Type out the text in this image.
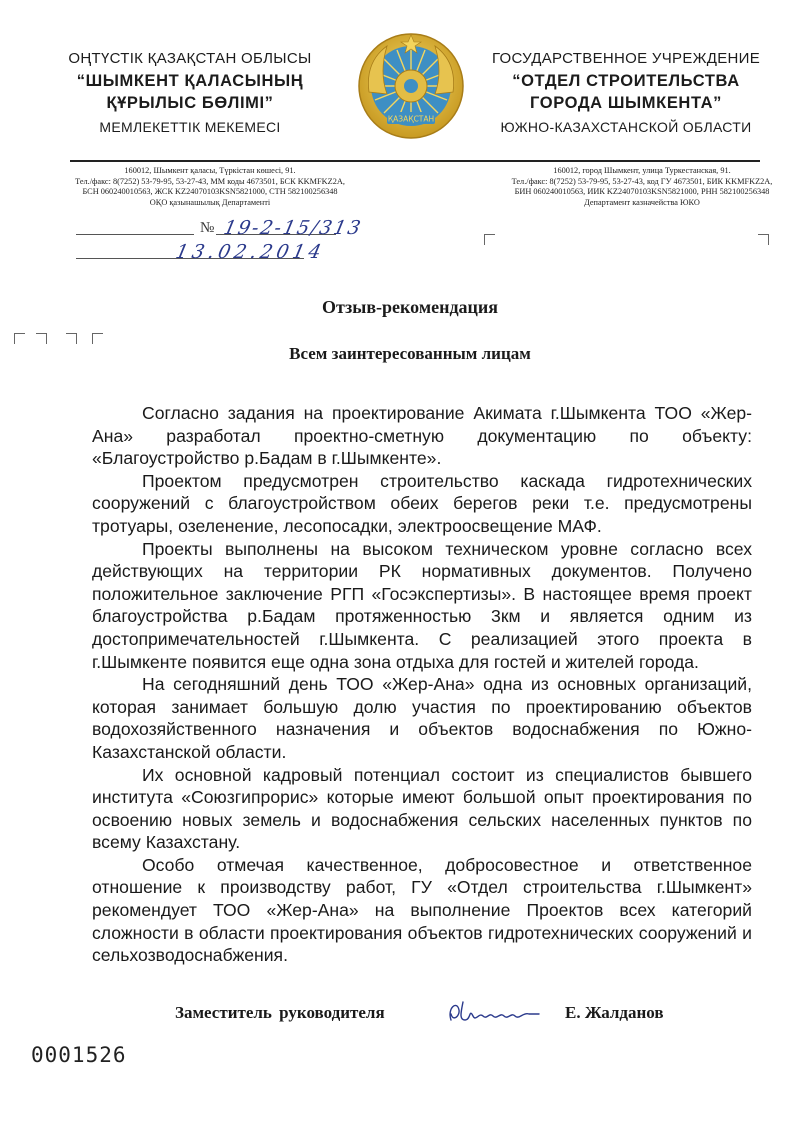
ОҢТҮСТІК ҚАЗАҚСТАН ОБЛЫСЫ
“ШЫМКЕНТ ҚАЛАСЫНЫҢ
ҚҰРЫЛЫС БӨЛІМІ”
МЕМЛЕКЕТТІК МЕКЕМЕСІ	ҚАЗАҚСТАН
ГОСУДАРСТВЕННОЕ УЧРЕЖДЕНИЕ
“ОТДЕЛ СТРОИТЕЛЬСТВА
ГОРОДА ШЫМКЕНТА”
ЮЖНО-КАЗАХСТАНСКОЙ ОБЛАСТИ
160012, Шымкент қаласы, Түркістан көшесі, 91.
Тел./факс: 8(7252) 53-79-95, 53-27-43, ММ коды 4673501, БСК KKMFKZ2A,
БСН 060240010563, ЖСК KZ24070103KSN5821000, СТН 582100256348
ОҚО қазынашылық Департаменті
160012, город Шымкент, улица Туркестанская, 91.
Тел./факс: 8(7252) 53-79-95, 53-27-43, код ГУ 4673501, БИК KKMFKZ2A,
БИН 060240010563, ИИК KZ24070103KSN5821000, РНН 582100256348
Департамент казначейства ЮКО
№ 19-2-15/313
13.02.2014
Отзыв-рекомендация
Всем заинтересованным лицам

Согласно задания на проектирование Акимата г.Шымкента ТОО «Жер-Ана» разработал проектно-сметную документацию по объекту: «Благоустройство р.Бадам в г.Шымкенте».

Проектом предусмотрен строительство каскада гидротехнических сооружений с благоустройством обеих берегов реки т.е. предусмотрены тротуары, озеленение, лесопосадки, электроосвещение МАФ.

Проекты выполнены на высоком техническом уровне согласно всех действующих на территории РК нормативных документов. Получено положительное заключение РГП «Госэкспертизы». В настоящее время проект благоустройства р.Бадам протяженностью 3км и является одним из достопримечательностей г.Шымкента. С реализацией этого проекта в г.Шымкенте появится еще одна зона отдыха для гостей и жителей города.

На сегодняшний день ТОО «Жер-Ана» одна из основных организаций, которая занимает большую долю участия по проектированию объектов водохозяйственного назначения и объектов водоснабжения по Южно-Казахстанской области.

Их основной кадровый потенциал состоит из специалистов бывшего института «Союзгипрорис» которые имеют большой опыт проектирования по освоению новых земель и водоснабжения сельских населенных пунктов по всему Казахстану.

Особо отмечая качественное, добросовестное и ответственное отношение к производству работ, ГУ «Отдел строительства г.Шымкент» рекомендует ТОО «Жер-Ана» на выполнение Проектов всех категорий сложности в области проектирования объектов гидротехнических сооружений и сельхозводоснабжения.

Заместитель руководителя	Е. Жалданов
0001526
